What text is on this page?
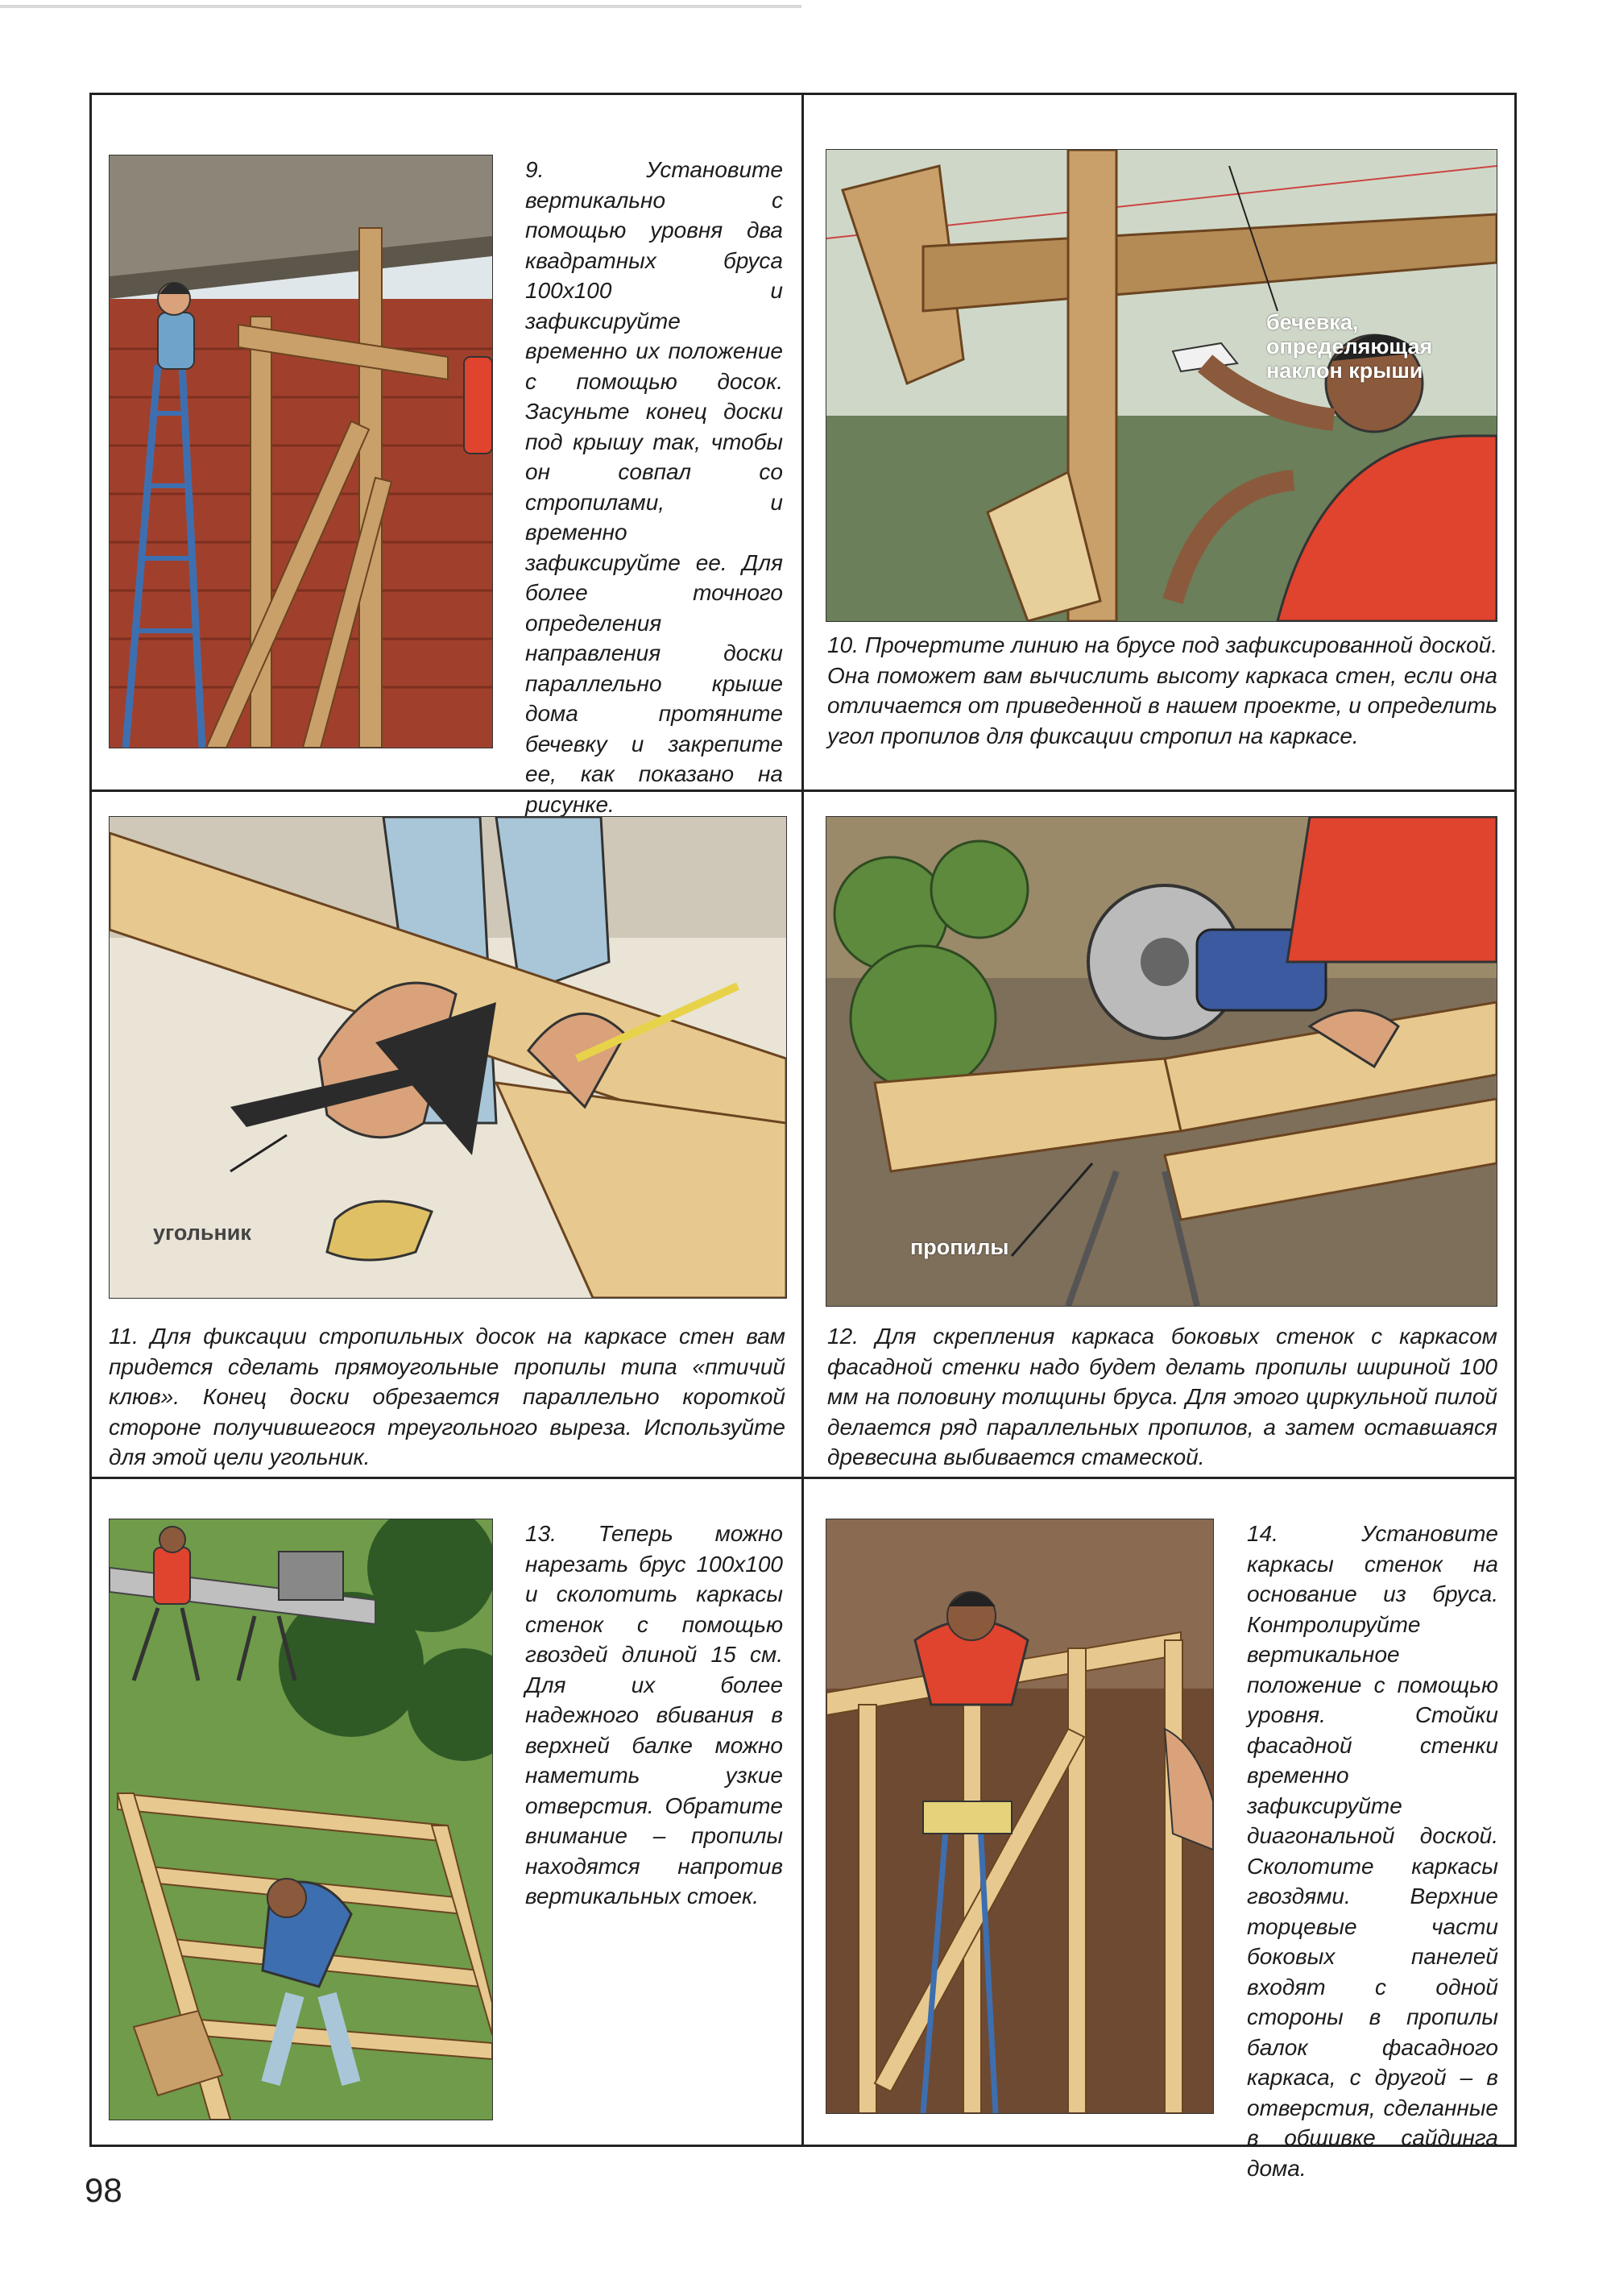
9. Установите вертикально с помощью уровня два квадратных бруса 100х100 и зафиксируйте временно их положение с помощью досок. Засуньте конец доски под крышу так, чтобы он совпал со стропилами, и временно зафиксируйте ее. Для более точного определения направления доски параллельно крыше дома протяните бечевку и закрепите ее, как показано на рисунке.
бечевка, определяющая наклон крыши
10. Прочертите линию на брусе под зафиксированной доской. Она поможет вам вычислить высоту каркаса стен, если она отличается от приведенной в нашем проекте, и определить угол пропилов для фиксации стропил на каркасе.
угольник
11. Для фиксации стропильных досок на каркасе стен вам придется сделать прямоугольные пропилы типа «птичий клюв». Конец доски обрезается параллельно короткой стороне получившегося треугольного выреза. Используйте для этой цели угольник.
пропилы
12. Для скрепления каркаса боковых стенок с каркасом фасадной стенки надо будет делать пропилы шириной 100 мм на половину толщины бруса. Для этого циркульной пилой делается ряд параллельных пропилов, а затем оставшаяся древесина выбивается стамеской.
13. Теперь можно нарезать брус 100х100 и сколотить каркасы стенок с помощью гвоздей длиной 15 см. Для их более надежного вбивания в верхней балке можно наметить узкие отверстия. Обратите внимание – пропилы находятся напротив вертикальных стоек.
14. Установите каркасы стенок на основание из бруса. Контролируйте вертикальное положение с помощью уровня. Стойки фасадной стенки временно зафиксируйте диагональной доской. Сколотите каркасы гвоздями. Верхние торцевые части боковых панелей входят с одной стороны в пропилы балок фасадного каркаса, с другой – в отверстия, сделанные в обшивке сайдинга дома.
98
